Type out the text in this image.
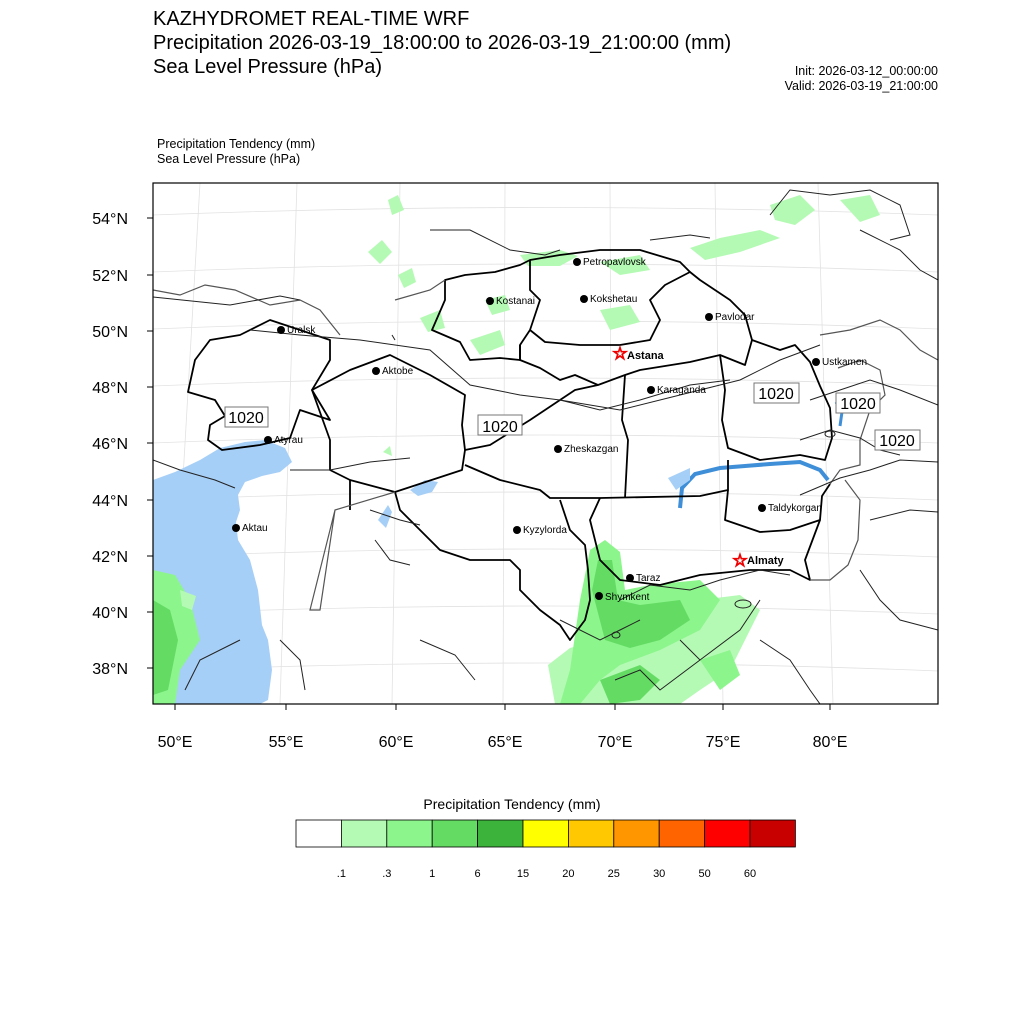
KAZHYDROMET REAL-TIME WRF
Precipitation 2026-03-19_18:00:00 to 2026-03-19_21:00:00 (mm)
Sea Level Pressure (hPa)	Init: 2026-03-12_00:00:00
Valid: 2026-03-19_21:00:00
Precipitation Tendency (mm)
Sea Level Pressure (hPa)
1020
1020
1020
1020
1020
Petropavlovsk
Kostanai	Kokshetau
Pavlodar
Uralsk
☆ Astana
Aktobe
Ustkamen
Karaganda
Atyrau
Zheskazgan
Aktau	Kyzylorda
Taldykorgan
☆ Almaty
Taraz
Shymkent
54°N
52°N
50°N
48°N
46°N
44°N
42°N
40°N
38°N
50°E	55°E	60°E	65°E	70°E	75°E	80°E
.1	.3	1	6	15	20	25	30	50	60
Precipitation Tendency (mm)
